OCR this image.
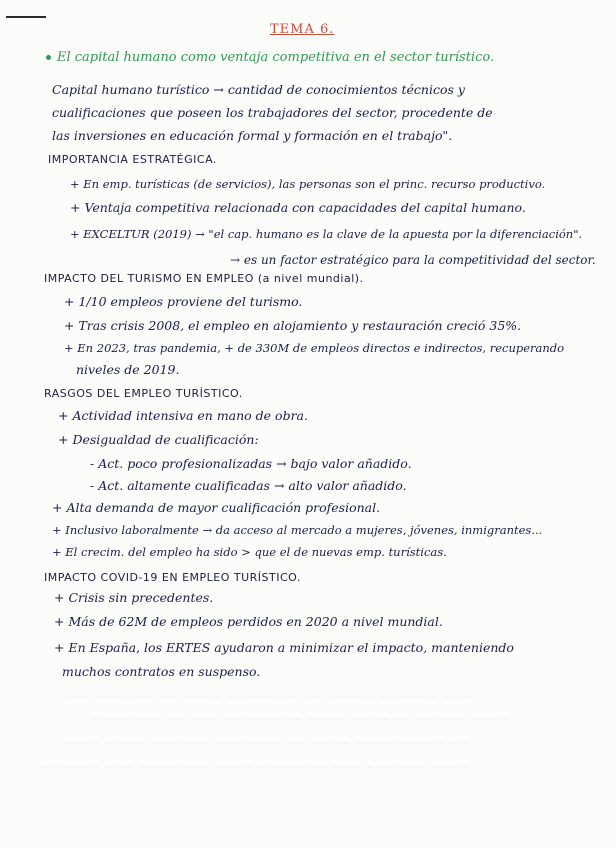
TEMA 6.
El capital humano como ventaja competitiva en el sector turístico.
Capital humano turístico → cantidad de conocimientos técnicos y
cualificaciones que poseen los trabajadores del sector, procedente de
las inversiones en educación formal y formación en el trabajo".
IMPORTANCIA ESTRATÉGICA.
+ En emp. turísticas (de servicios), las personas son el princ. recurso productivo.
+ Ventaja competitiva relacionada con capacidades del capital humano.
+ EXCELTUR (2019) → "el cap. humano es la clave de la apuesta por la diferenciación".
→ es un factor estratégico para la competitividad del sector.
IMPACTO DEL TURISMO EN EMPLEO (a nivel mundial).
+ 1/10 empleos proviene del turismo.
+ Tras crisis 2008, el empleo en alojamiento y restauración creció 35%.
+ En 2023, tras pandemia, + de 330M de empleos directos e indirectos, recuperando
niveles de 2019.
RASGOS DEL EMPLEO TURÍSTICO.
+ Actividad intensiva en mano de obra.
+ Desigualdad de cualificación:
- Act. poco profesionalizadas → bajo valor añadido.
- Act. altamente cualificadas → alto valor añadido.
+ Alta demanda de mayor cualificación profesional.
+ Inclusivo laboralmente → da acceso al mercado a mujeres, jóvenes, inmigrantes...
+ El crecim. del empleo ha sido > que el de nuevas emp. turísticas.
IMPACTO COVID-19 EN EMPLEO TURÍSTICO.
+ Crisis sin precedentes.
+ Más de 62M de empleos perdidos en 2020 a nivel mundial.
+ En España, los ERTES ayudaron a minimizar el impacto, manteniendo
muchos contratos en suspenso.
